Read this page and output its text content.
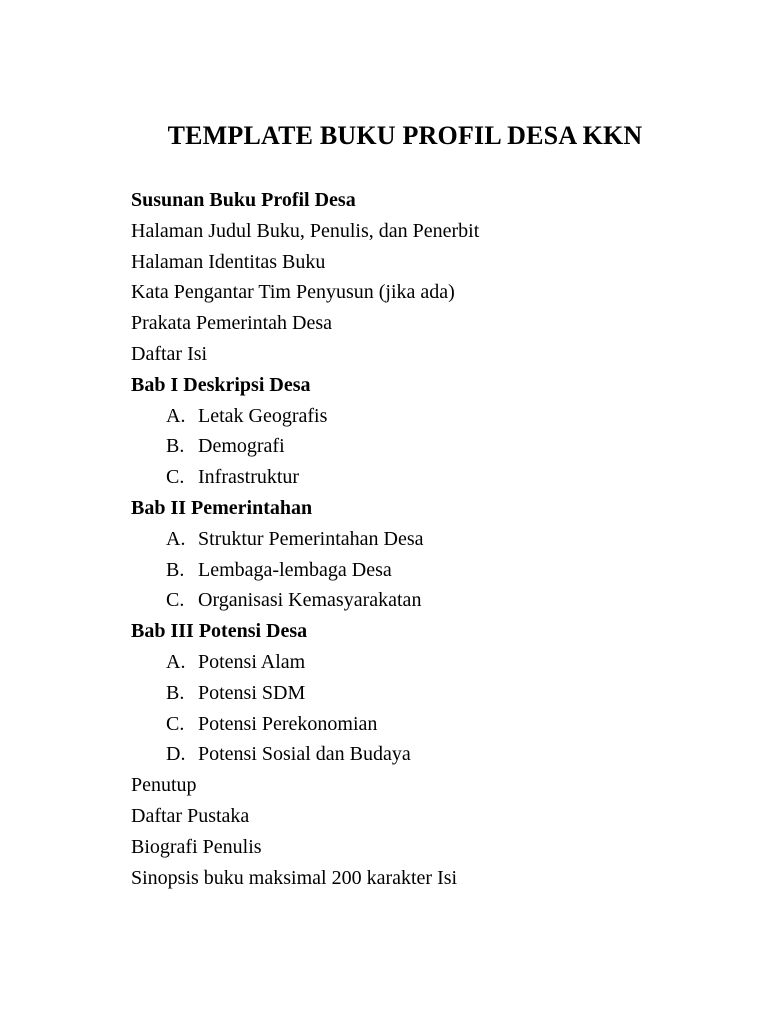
TEMPLATE BUKU PROFIL DESA KKN
Susunan Buku Profil Desa
Halaman Judul Buku, Penulis, dan Penerbit
Halaman Identitas Buku
Kata Pengantar Tim Penyusun (jika ada)
Prakata Pemerintah Desa
Daftar Isi
Bab I Deskripsi Desa
A. Letak Geografis
B. Demografi
C. Infrastruktur
Bab II Pemerintahan
A. Struktur Pemerintahan Desa
B. Lembaga-lembaga Desa
C. Organisasi Kemasyarakatan
Bab III Potensi Desa
A. Potensi Alam
B. Potensi SDM
C. Potensi Perekonomian
D. Potensi Sosial dan Budaya
Penutup
Daftar Pustaka
Biografi Penulis
Sinopsis buku maksimal 200 karakter Isi
